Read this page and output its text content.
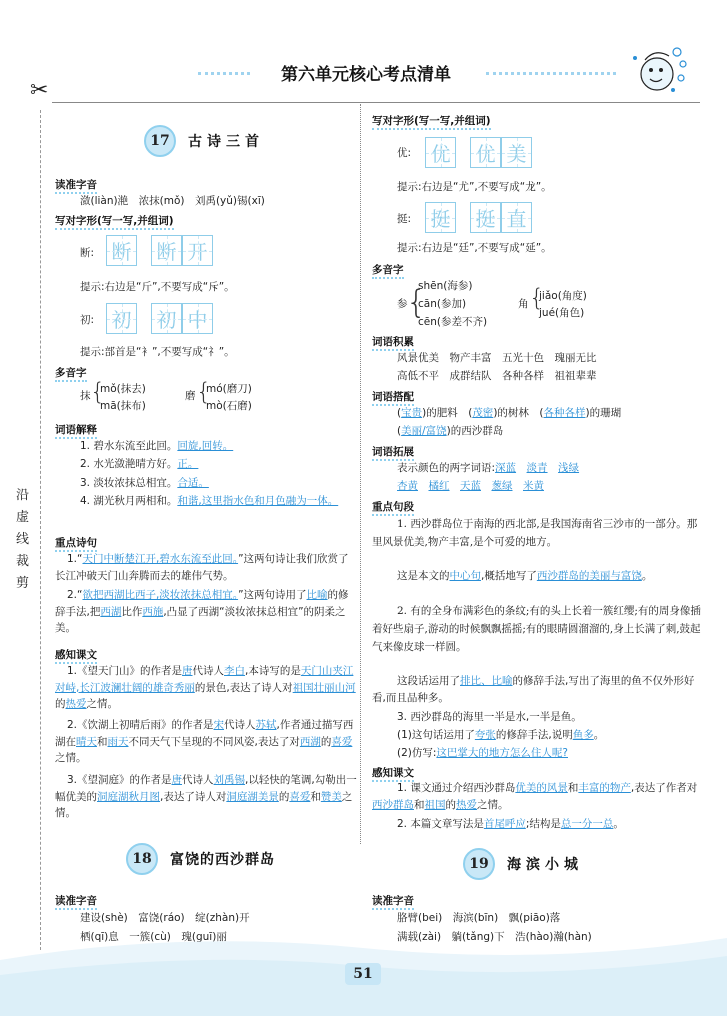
✂
第六单元核心考点清单
沿虚线裁剪
17	古诗三首
读准字音
潋(liàn)滟　浓抹(mǒ)　刘禹(yǔ)锡(xī)
写对字形(写一写,并组词)
断: 断 断 开
提示:右边是“斤”,不要写成“斥”。
初: 初 初 中
提示:部首是“衤”,不要写成“礻”。
多音字
抹 {
mǒ(抹去)
mā(抹布)
磨 {
mó(磨刀)
mò(石磨)
词语解释
1. 碧水东流至此回。回旋,回转。
2. 水光潋滟晴方好。正。
3. 淡妆浓抹总相宜。合适。
4. 湖光秋月两相和。和谐,这里指水色和月色融为一体。
重点诗句
1.“天门中断楚江开,碧水东流至此回。”这两句诗让我们欣赏了长江冲破天门山奔腾而去的雄伟气势。
2.“欲把西湖比西子,淡妆浓抹总相宜。”这两句诗用了比喻的修辞手法,把西湖比作西施,凸显了西湖“淡妆浓抹总相宜”的阴柔之美。
感知课文
1.《望天门山》的作者是唐代诗人李白,本诗写的是天门山夹江对峙,长江波澜壮阔的雄奇秀丽的景色,表达了诗人对祖国壮丽山河的热爱之情。
2.《饮湖上初晴后雨》的作者是宋代诗人苏轼,作者通过描写西湖在晴天和雨天不同天气下呈现的不同风姿,表达了对西湖的喜爱之情。
3.《望洞庭》的作者是唐代诗人刘禹锡,以轻快的笔调,勾勒出一幅优美的洞庭湖秋月图,表达了诗人对洞庭湖美景的喜爱和赞美之情。
18	富饶的西沙群岛
读准字音
建设(shè)　富饶(ráo)　绽(zhàn)开
栖(qī)息　一簇(cù)　瑰(guī)丽
写对字形(写一写,并组词)
优: 优 优 美
提示:右边是“尤”,不要写成“龙”。
挺: 挺 挺 直
提示:右边是“廷”,不要写成“延”。
多音字
参
{
shēn(海参)
cān(参加)
cēn(参差不齐)
角 {
jiǎo(角度)
jué(角色)
词语积累
风景优美　物产丰富　五光十色　瑰丽无比
高低不平　成群结队　各种各样　祖祖辈辈
词语搭配
(宝贵)的肥料　(茂密)的树林　(各种各样)的珊瑚
(美丽/富饶)的西沙群岛
词语拓展
表示颜色的两字词语:深蓝　 淡青　 浅绿
杏黄　 橘红　 天蓝　 葱绿　 米黄
重点句段
1. 西沙群岛位于南海的西北部,是我国海南省三沙市的一部分。那里风景优美,物产丰富,是个可爱的地方。
这是本文的中心句,概括地写了西沙群岛的美丽与富饶。
2. 有的全身布满彩色的条纹;有的头上长着一簇红缨;有的周身像插着好些扇子,游动的时候飘飘摇摇;有的眼睛圆溜溜的,身上长满了刺,鼓起气来像皮球一样圆。
这段话运用了排比、比喻的修辞手法,写出了海里的鱼不仅外形好看,而且品种多。
3. 西沙群岛的海里一半是水,一半是鱼。
(1)这句话运用了夸张的修辞手法,说明鱼多。
(2)仿写:这巴掌大的地方怎么住人呢?
感知课文
1. 课文通过介绍西沙群岛优美的风景和丰富的物产,表达了作者对西沙群岛和祖国的热爱之情。
2. 本篇文章写法是首尾呼应;结构是总一分一总。
19	海滨小城
读准字音
胳臂(bei)　海滨(bīn)　飘(piāo)落
满载(zài)　躺(tǎng)下　浩(hào)瀚(hàn)
51
